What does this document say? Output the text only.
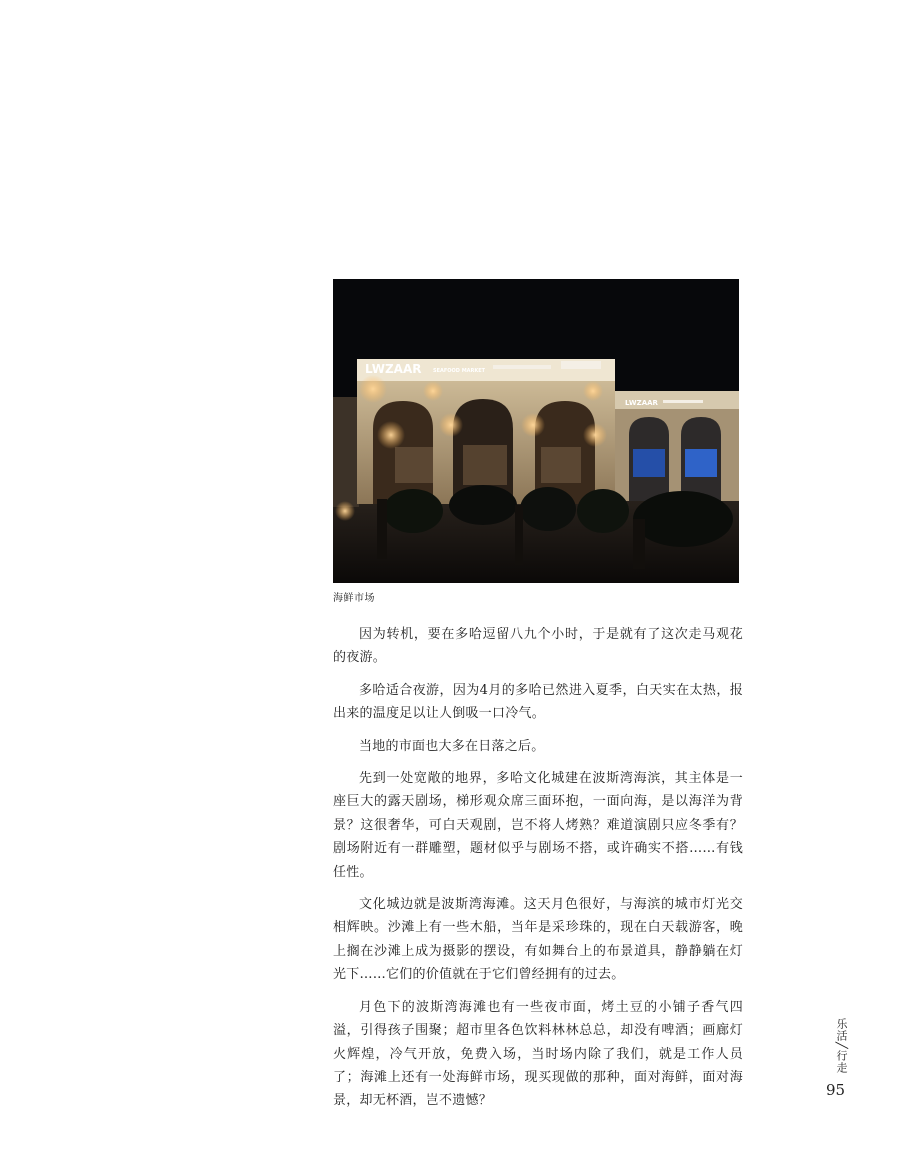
LWZAAR SEAFOOD MARKET
LWZAAR
海鲜市场

因为转机，要在多哈逗留八九个小时，于是就有了这次走马观花的夜游。

多哈适合夜游，因为4月的多哈已然进入夏季，白天实在太热，报出来的温度足以让人倒吸一口冷气。

当地的市面也大多在日落之后。

先到一处宽敞的地界，多哈文化城建在波斯湾海滨，其主体是一座巨大的露天剧场，梯形观众席三面环抱，一面向海，是以海洋为背景？这很奢华，可白天观剧，岂不将人烤熟？难道演剧只应冬季有？剧场附近有一群雕塑，题材似乎与剧场不搭，或许确实不搭……有钱任性。

文化城边就是波斯湾海滩。这天月色很好，与海滨的城市灯光交相辉映。沙滩上有一些木船，当年是采珍珠的，现在白天载游客，晚上搁在沙滩上成为摄影的摆设，有如舞台上的布景道具，静静躺在灯光下……它们的价值就在于它们曾经拥有的过去。

月色下的波斯湾海滩也有一些夜市面，烤土豆的小铺子香气四溢，引得孩子围聚；超市里各色饮料林林总总，却没有啤酒；画廊灯火辉煌，冷气开放，免费入场，当时场内除了我们，就是工作人员了；海滩上还有一处海鲜市场，现买现做的那种，面对海鲜，面对海景，却无杯酒，岂不遗憾？

乐活╱行走
95
